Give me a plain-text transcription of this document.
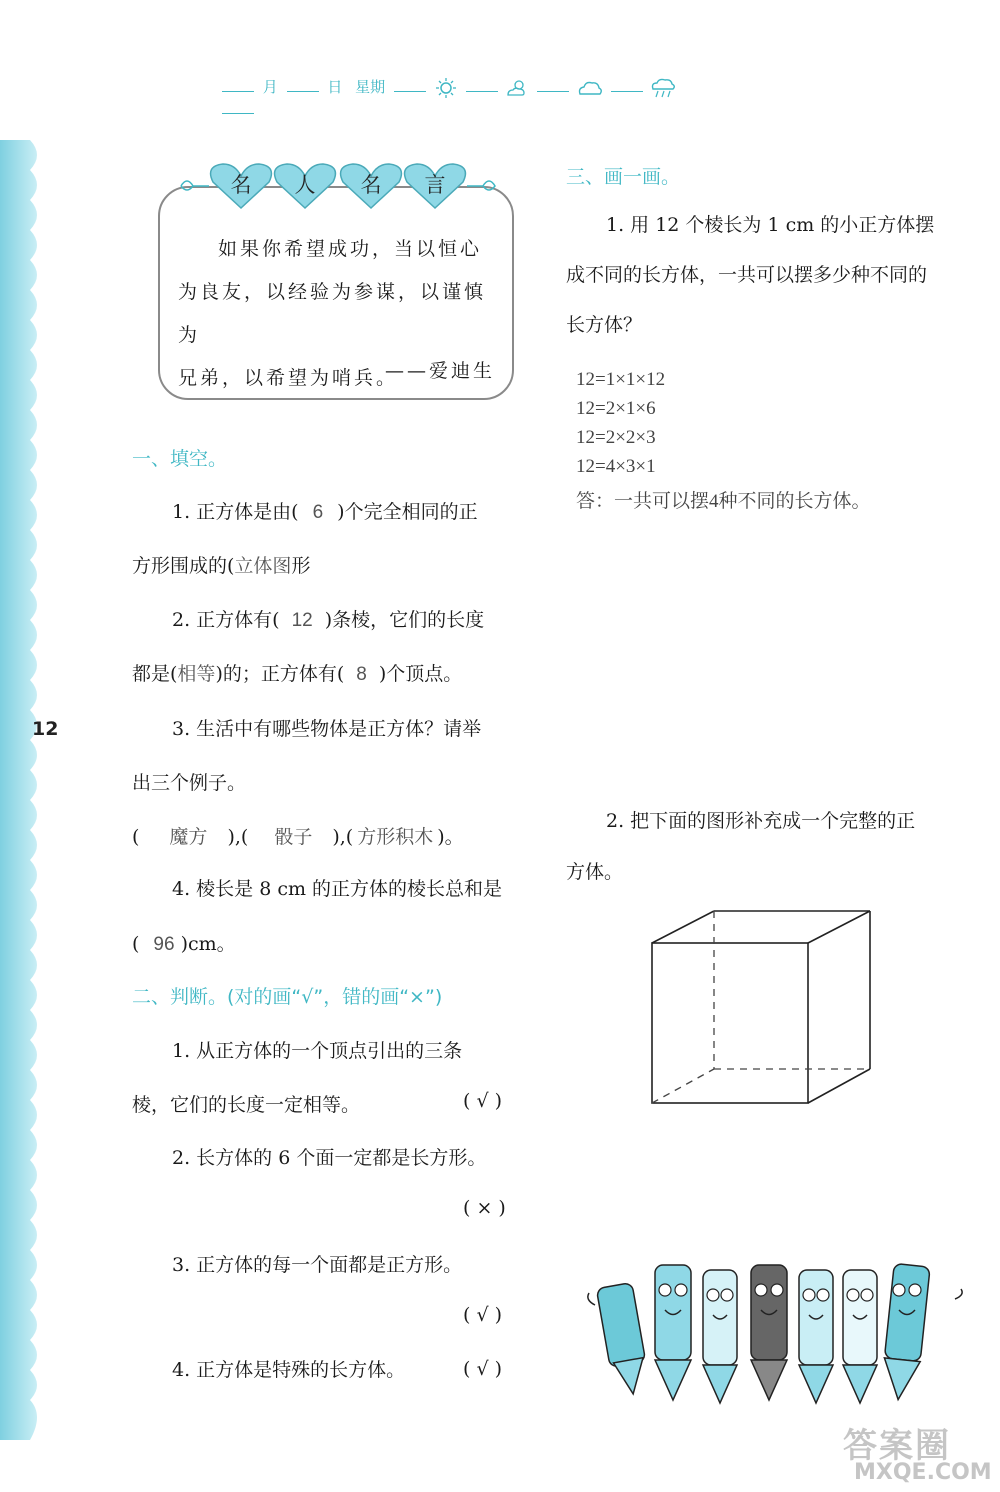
12
月	日 星期
名 人 名 言
如果你希望成功，当以恒心
为良友，以经验为参谋，以谨慎为
兄弟，以希望为哨兵。
——爱迪生
一、填空。
1. 正方体是由( 6 )个完全相同的正
方形围成的(立体图形
2. 正方体有( 12 )条棱，它们的长度
都是(相等)的；正方体有( 8 )个顶点。
3. 生活中有哪些物体是正方体？请举
出三个例子。
( 魔方 ),( 骰子 ),( 方形积木 )。
4. 棱长是 8 cm 的正方体的棱长总和是
( 96 )cm。
二、判断。(对的画“√”，错的画“×”)
1. 从正方体的一个顶点引出的三条
棱，它们的长度一定相等。	( √ )
2. 长方体的 6 个面一定都是长方形。
( × )
3. 正方体的每一个面都是正方形。
( √ )
4. 正方体是特殊的长方体。	( √ )
三、画一画。
1. 用 12 个棱长为 1 cm 的小正方体摆
成不同的长方体，一共可以摆多少种不同的
长方体？
12=1×1×12
12=2×1×6
12=2×2×3
12=4×3×1
答：一共可以摆4种不同的长方体。
2. 把下面的图形补充成一个完整的正
方体。
答案圈
MXQE.COM
